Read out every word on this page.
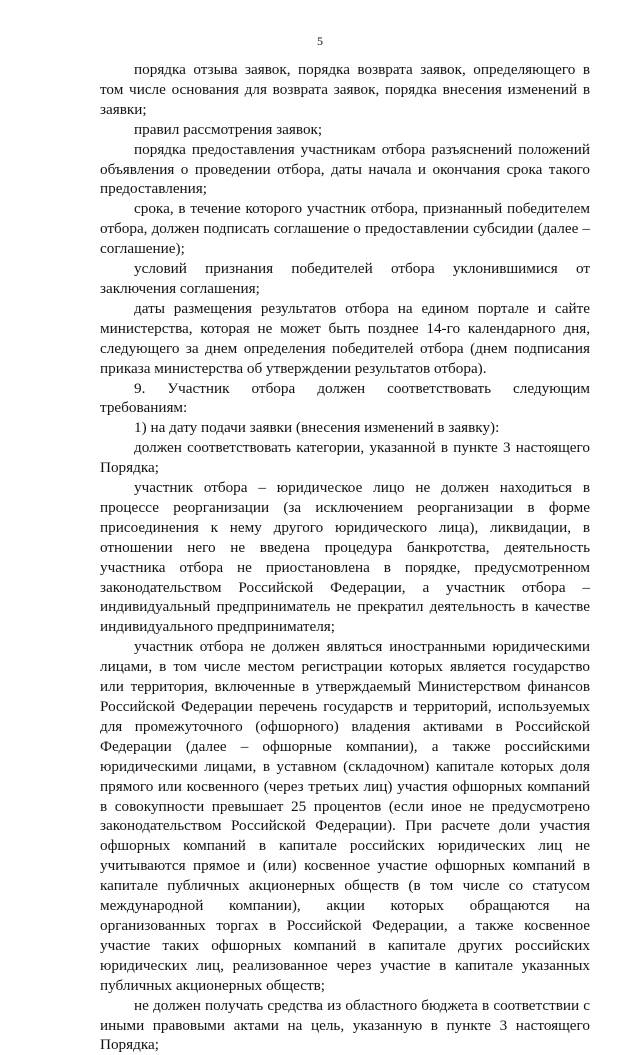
5

порядка отзыва заявок, порядка возврата заявок, определяющего в том числе основания для возврата заявок, порядка внесения изменений в заявки;

правил рассмотрения заявок;

порядка предоставления участникам отбора разъяснений положений объявления о проведении отбора, даты начала и окончания срока такого предоставления;

срока, в течение которого участник отбора, признанный победителем отбора, должен подписать соглашение о предоставлении субсидии (далее – соглашение);

условий признания победителей отбора уклонившимися от заключения соглашения;

даты размещения результатов отбора на едином портале и сайте министерства, которая не может быть позднее 14-го календарного дня, следующего за днем определения победителей отбора (днем подписания приказа министерства об утверждении результатов отбора).

9. Участник отбора должен соответствовать следующим требованиям:

1) на дату подачи заявки (внесения изменений в заявку):

должен соответствовать категории, указанной в пункте 3 настоящего Порядка;

участник отбора – юридическое лицо не должен находиться в процессе реорганизации (за исключением реорганизации в форме присоединения к нему другого юридического лица), ликвидации, в отношении него не введена процедура банкротства, деятельность участника отбора не приостановлена в порядке, предусмотренном законодательством Российской Федерации, а участник отбора – индивидуальный предприниматель не прекратил деятельность в качестве индивидуального предпринимателя;

участник отбора не должен являться иностранными юридическими лицами, в том числе местом регистрации которых является государство или территория, включенные в утверждаемый Министерством финансов Российской Федерации перечень государств и территорий, используемых для промежуточного (офшорного) владения активами в Российской Федерации (далее – офшорные компании), а также российскими юридическими лицами, в уставном (складочном) капитале которых доля прямого или косвенного (через третьих лиц) участия офшорных компаний в совокупности превышает 25 процентов (если иное не предусмотрено законодательством Российской Федерации). При расчете доли участия офшорных компаний в капитале российских юридических лиц не учитываются прямое и (или) косвенное участие офшорных компаний в капитале публичных акционерных обществ (в том числе со статусом международной компании), акции которых обращаются на организованных торгах в Российской Федерации, а также косвенное участие таких офшорных компаний в капитале других российских юридических лиц, реализованное через участие в капитале указанных публичных акционерных обществ;

не должен получать средства из областного бюджета в соответствии с иными правовыми актами на цель, указанную в пункте 3 настоящего Порядка;
